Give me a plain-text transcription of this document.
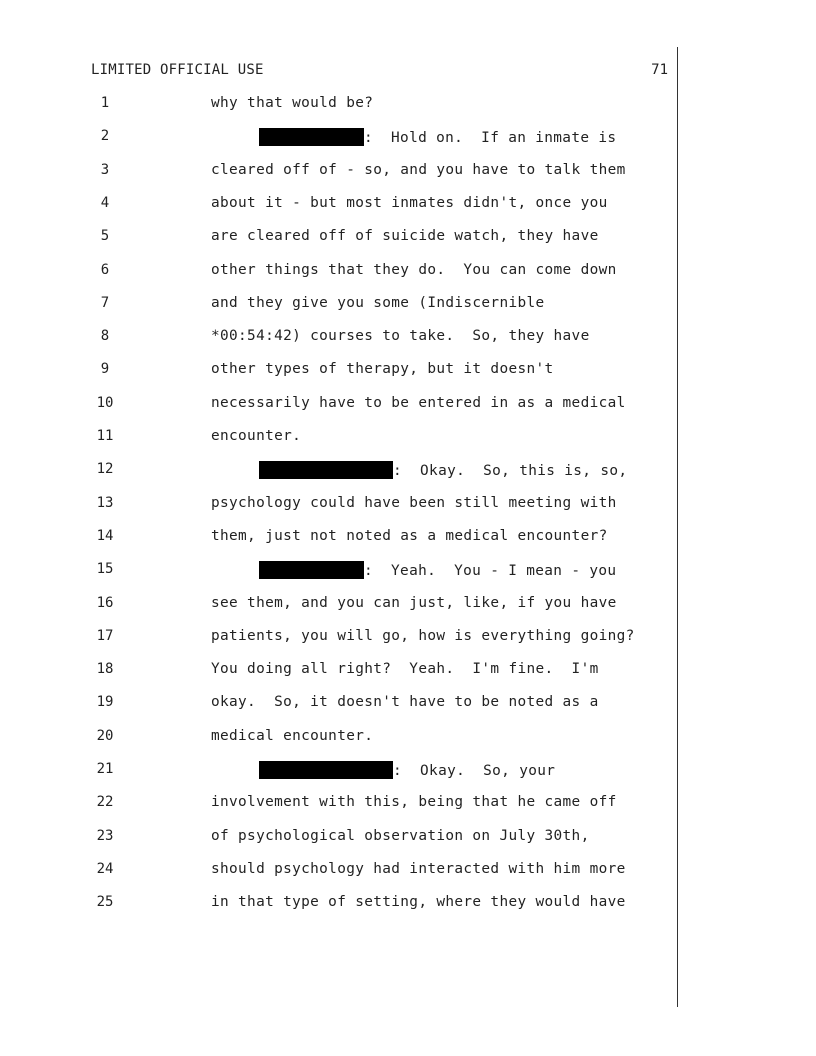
LIMITED OFFICIAL USE	71
1	why that would be?
2	:  Hold on.  If an inmate is
3	cleared off of - so, and you have to talk them
4	about it - but most inmates didn't, once you
5	are cleared off of suicide watch, they have
6	other things that they do.  You can come down
7	and they give you some (Indiscernible
8	*00:54:42) courses to take.  So, they have
9	other types of therapy, but it doesn't
10	necessarily have to be entered in as a medical
11	encounter.
12	:  Okay.  So, this is, so,
13	psychology could have been still meeting with
14	them, just not noted as a medical encounter?
15	:  Yeah.  You - I mean - you
16	see them, and you can just, like, if you have
17	patients, you will go, how is everything going?
18	You doing all right?  Yeah.  I'm fine.  I'm
19	okay.  So, it doesn't have to be noted as a
20	medical encounter.
21	:  Okay.  So, your
22	involvement with this, being that he came off
23	of psychological observation on July 30th,
24	should psychology had interacted with him more
25	in that type of setting, where they would have
